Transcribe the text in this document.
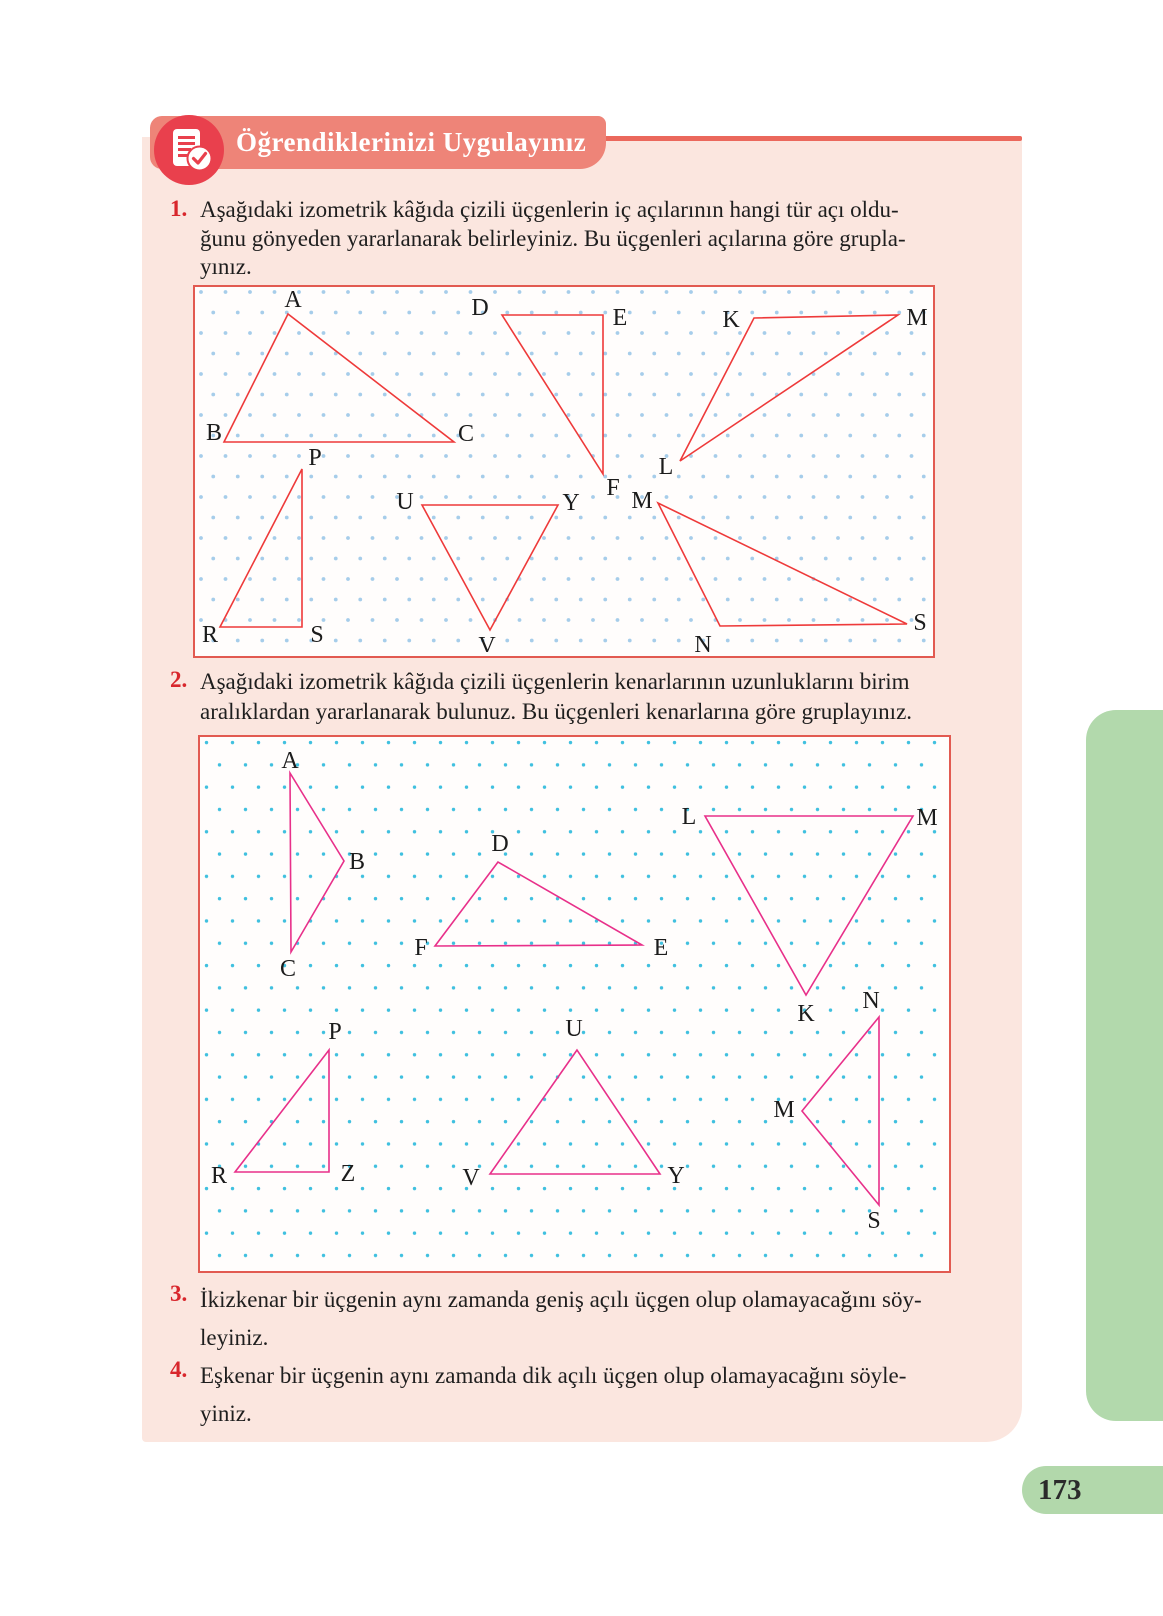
Öğrendiklerinizi Uygulayınız
1. Aşağıdaki izometrik kâğıda çizili üçgenlerin iç açılarının hangi tür açı oldu-
ğunu gönyeden yararlanarak belirleyiniz. Bu üçgenleri açılarına göre grupla-
yınız.
A
B	C
D	E
F
K	M
L
P
R	S
U	Y
V
M
N
S
2. Aşağıdaki izometrik kâğıda çizili üçgenlerin kenarlarının uzunluklarını birim
aralıklardan yararlanarak bulunuz. Bu üçgenleri kenarlarına göre gruplayınız.
A
B
C
D
F	E
L	M
K
P
R	Z
U
V	Y
N
M
S
3. İkizkenar bir üçgenin aynı zamanda geniş açılı üçgen olup olamayacağını söy-
leyiniz.
4. Eşkenar bir üçgenin aynı zamanda dik açılı üçgen olup olamayacağını söyle-
yiniz.
173
